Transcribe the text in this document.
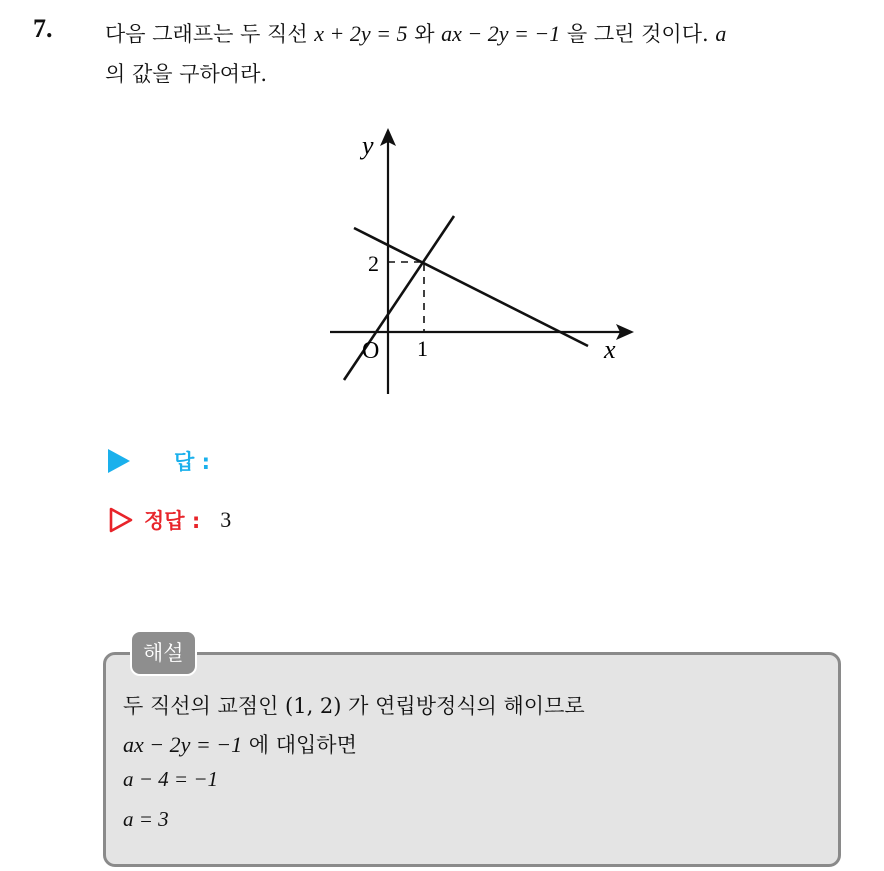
7.	다음 그래프는 두 직선 x + 2y = 5 와 ax − 2y = −1 을 그린 것이다. a
의 값을 구하여라.
y
x
O
2
1
답 :
정답 : 3
해설
두 직선의 교점인 (1, 2) 가 연립방정식의 해이므로
ax − 2y = −1 에 대입하면
a − 4 = −1
a = 3
